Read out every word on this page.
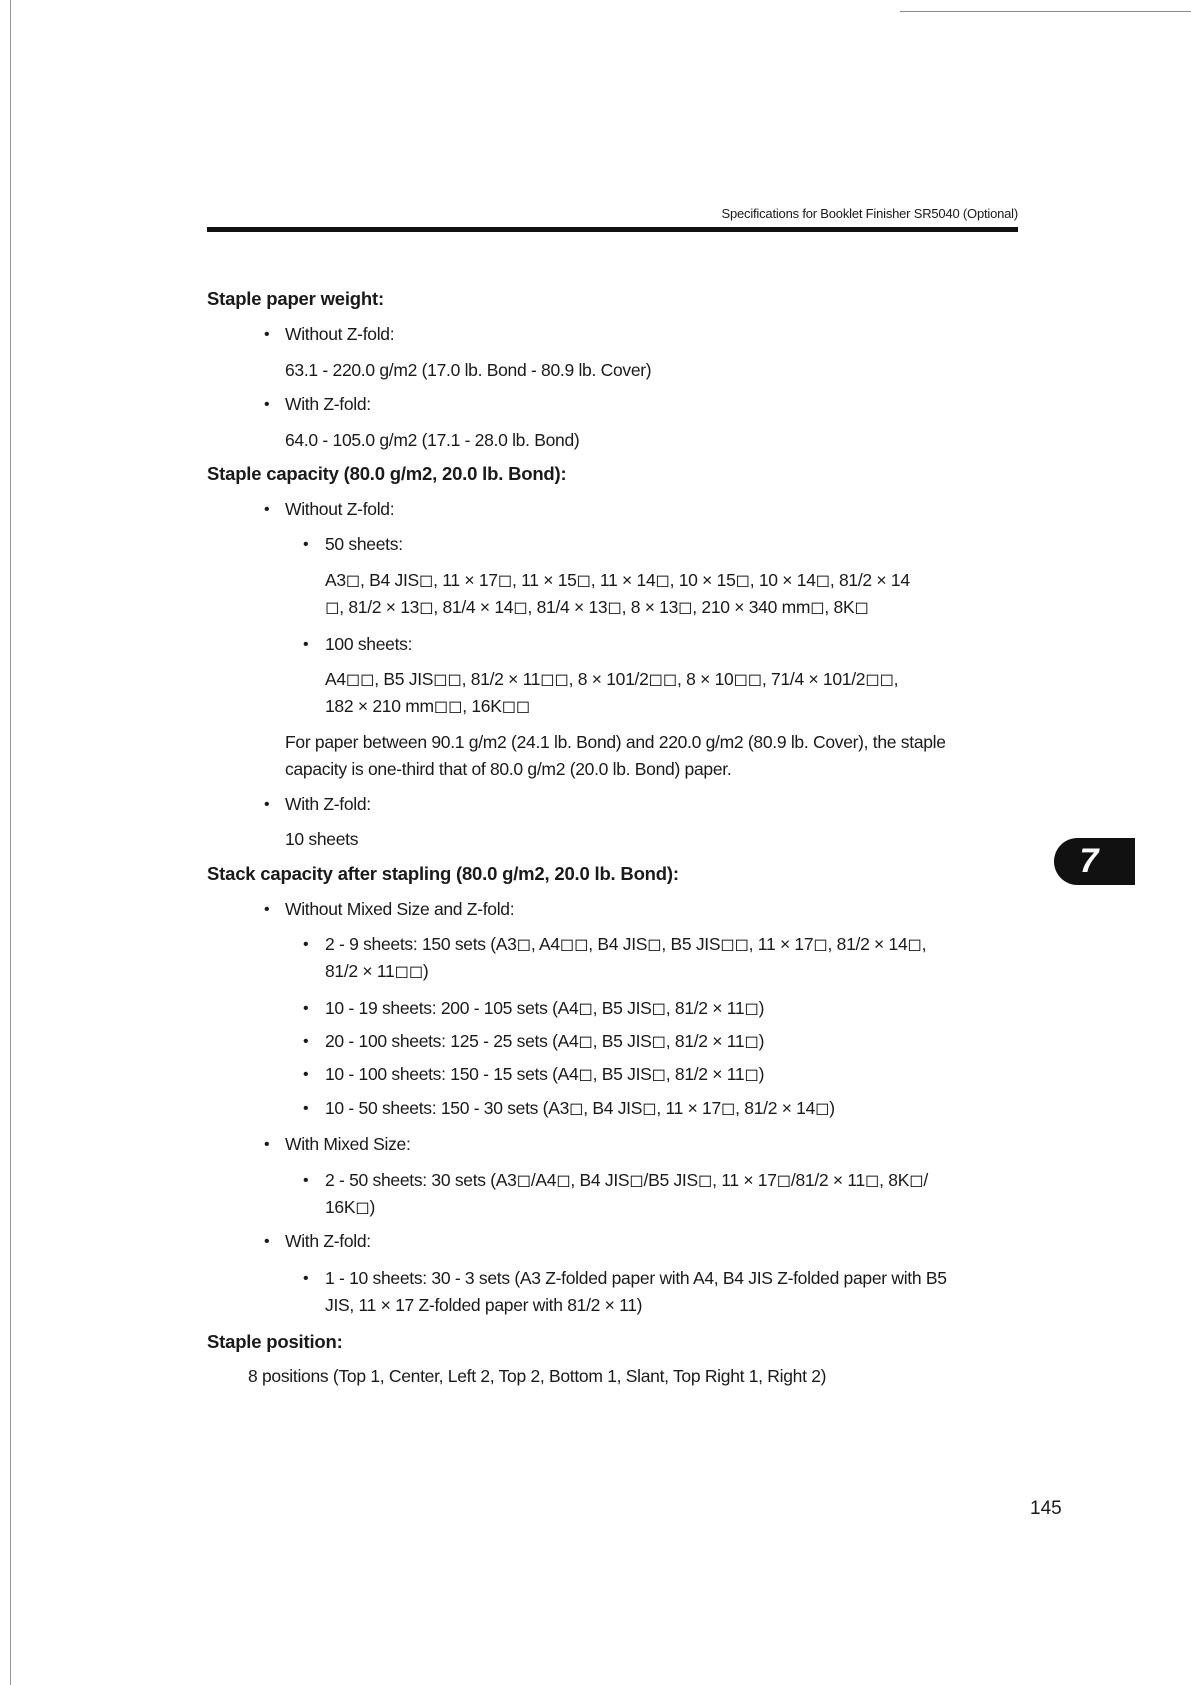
Specifications for Booklet Finisher SR5040 (Optional)
7
Staple paper weight:
• Without Z-fold:
63.1 - 220.0 g/m2 (17.0 lb. Bond - 80.9 lb. Cover)
• With Z-fold:
64.0 - 105.0 g/m2 (17.1 - 28.0 lb. Bond)
Staple capacity (80.0 g/m2, 20.0 lb. Bond):
• Without Z-fold:
• 50 sheets:
A3◻, B4 JIS◻, 11 × 17◻, 11 × 15◻, 11 × 14◻, 10 × 15◻, 10 × 14◻, 81/2 × 14
◻, 81/2 × 13◻, 81/4 × 14◻, 81/4 × 13◻, 8 × 13◻, 210 × 340 mm◻, 8K◻
• 100 sheets:
A4◻◻, B5 JIS◻◻, 81/2 × 11◻◻, 8 × 101/2◻◻, 8 × 10◻◻, 71/4 × 101/2◻◻,
182 × 210 mm◻◻, 16K◻◻
For paper between 90.1 g/m2 (24.1 lb. Bond) and 220.0 g/m2 (80.9 lb. Cover), the staple
capacity is one-third that of 80.0 g/m2 (20.0 lb. Bond) paper.
• With Z-fold:
10 sheets
Stack capacity after stapling (80.0 g/m2, 20.0 lb. Bond):
• Without Mixed Size and Z-fold:
• 2 - 9 sheets: 150 sets (A3◻, A4◻◻, B4 JIS◻, B5 JIS◻◻, 11 × 17◻, 81/2 × 14◻,
81/2 × 11◻◻)
• 10 - 19 sheets: 200 - 105 sets (A4◻, B5 JIS◻, 81/2 × 11◻)
• 20 - 100 sheets: 125 - 25 sets (A4◻, B5 JIS◻, 81/2 × 11◻)
• 10 - 100 sheets: 150 - 15 sets (A4◻, B5 JIS◻, 81/2 × 11◻)
• 10 - 50 sheets: 150 - 30 sets (A3◻, B4 JIS◻, 11 × 17◻, 81/2 × 14◻)
• With Mixed Size:
• 2 - 50 sheets: 30 sets (A3◻/A4◻, B4 JIS◻/B5 JIS◻, 11 × 17◻/81/2 × 11◻, 8K◻/
16K◻)
• With Z-fold:
• 1 - 10 sheets: 30 - 3 sets (A3 Z-folded paper with A4, B4 JIS Z-folded paper with B5
JIS, 11 × 17 Z-folded paper with 81/2 × 11)
Staple position:
8 positions (Top 1, Center, Left 2, Top 2, Bottom 1, Slant, Top Right 1, Right 2)
145
